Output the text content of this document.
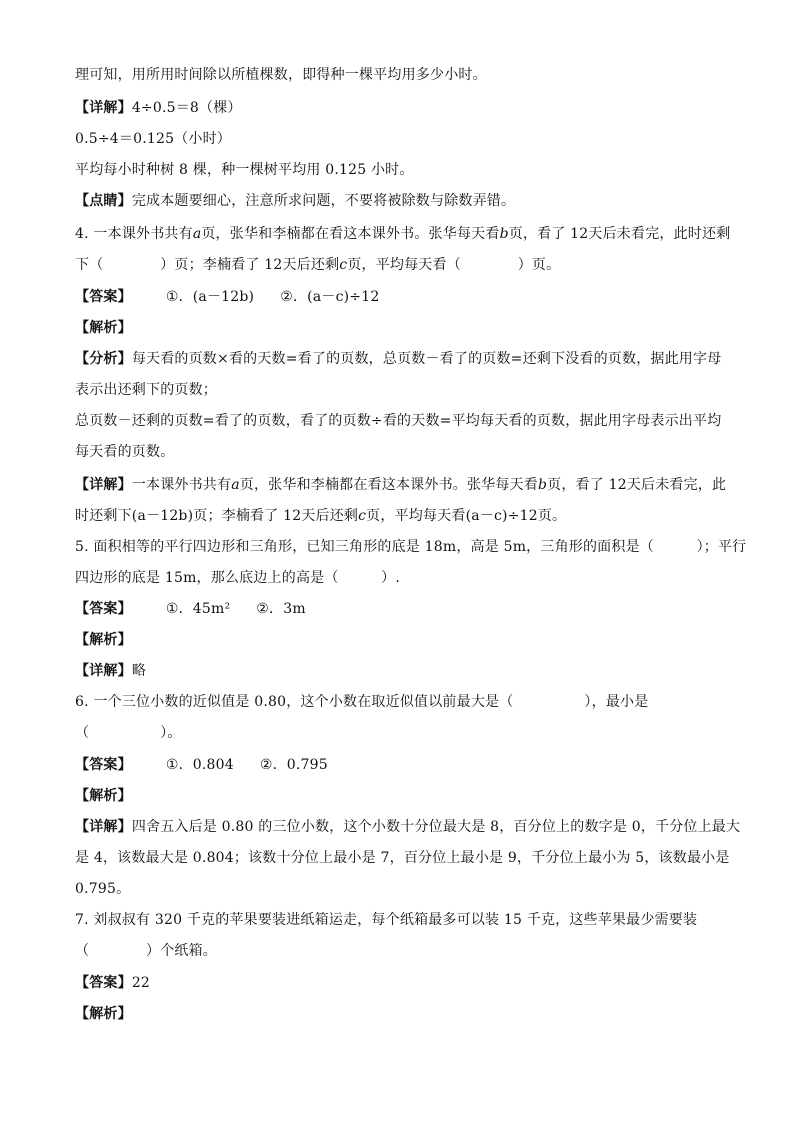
理可知，用所用时间除以所植棵数，即得种一棵平均用多少小时。
【详解】4÷0.5＝8（棵）
0.5÷4＝0.125（小时）
平均每小时种树 8 棵，种一棵树平均用 0.125 小时。
【点睛】完成本题要细心，注意所求问题，不要将被除数与除数弄错。
4. 一本课外书共有a页，张华和李楠都在看这本课外书。张华每天看b页，看了 12天后未看完，此时还剩
下（　　　　）页；李楠看了 12天后还剩c页，平均每天看（　　　　）页。
【答案】 ①．(a－12b) ②．(a－c)÷12
【解析】
【分析】每天看的页数×看的天数=看了的页数，总页数－看了的页数=还剩下没看的页数，据此用字母
表示出还剩下的页数；
总页数－还剩的页数=看了的页数，看了的页数÷看的天数=平均每天看的页数，据此用字母表示出平均
每天看的页数。
【详解】一本课外书共有a页，张华和李楠都在看这本课外书。张华每天看b页，看了 12天后未看完，此
时还剩下(a－12b)页；李楠看了 12天后还剩c页，平均每天看(a－c)÷12页。
5. 面积相等的平行四边形和三角形，已知三角形的底是 18m，高是 5m，三角形的面积是（　　　）；平行
四边形的底是 15m，那么底边上的高是（　　　）.
【答案】 ①．45m² ②．3m
【解析】
【详解】略
6. 一个三位小数的近似值是 0.80，这个小数在取近似值以前最大是（　　　　　），最小是
（　　　　　）。
【答案】 ①．0.804 ②．0.795
【解析】
【详解】四舍五入后是 0.80 的三位小数，这个小数十分位最大是 8，百分位上的数字是 0，千分位上最大
是 4，该数最大是 0.804；该数十分位上最小是 7，百分位上最小是 9，千分位上最小为 5，该数最小是
0.795。
7. 刘叔叔有 320 千克的苹果要装进纸箱运走，每个纸箱最多可以装 15 千克，这些苹果最少需要装
（　　　　）个纸箱。
【答案】22
【解析】
